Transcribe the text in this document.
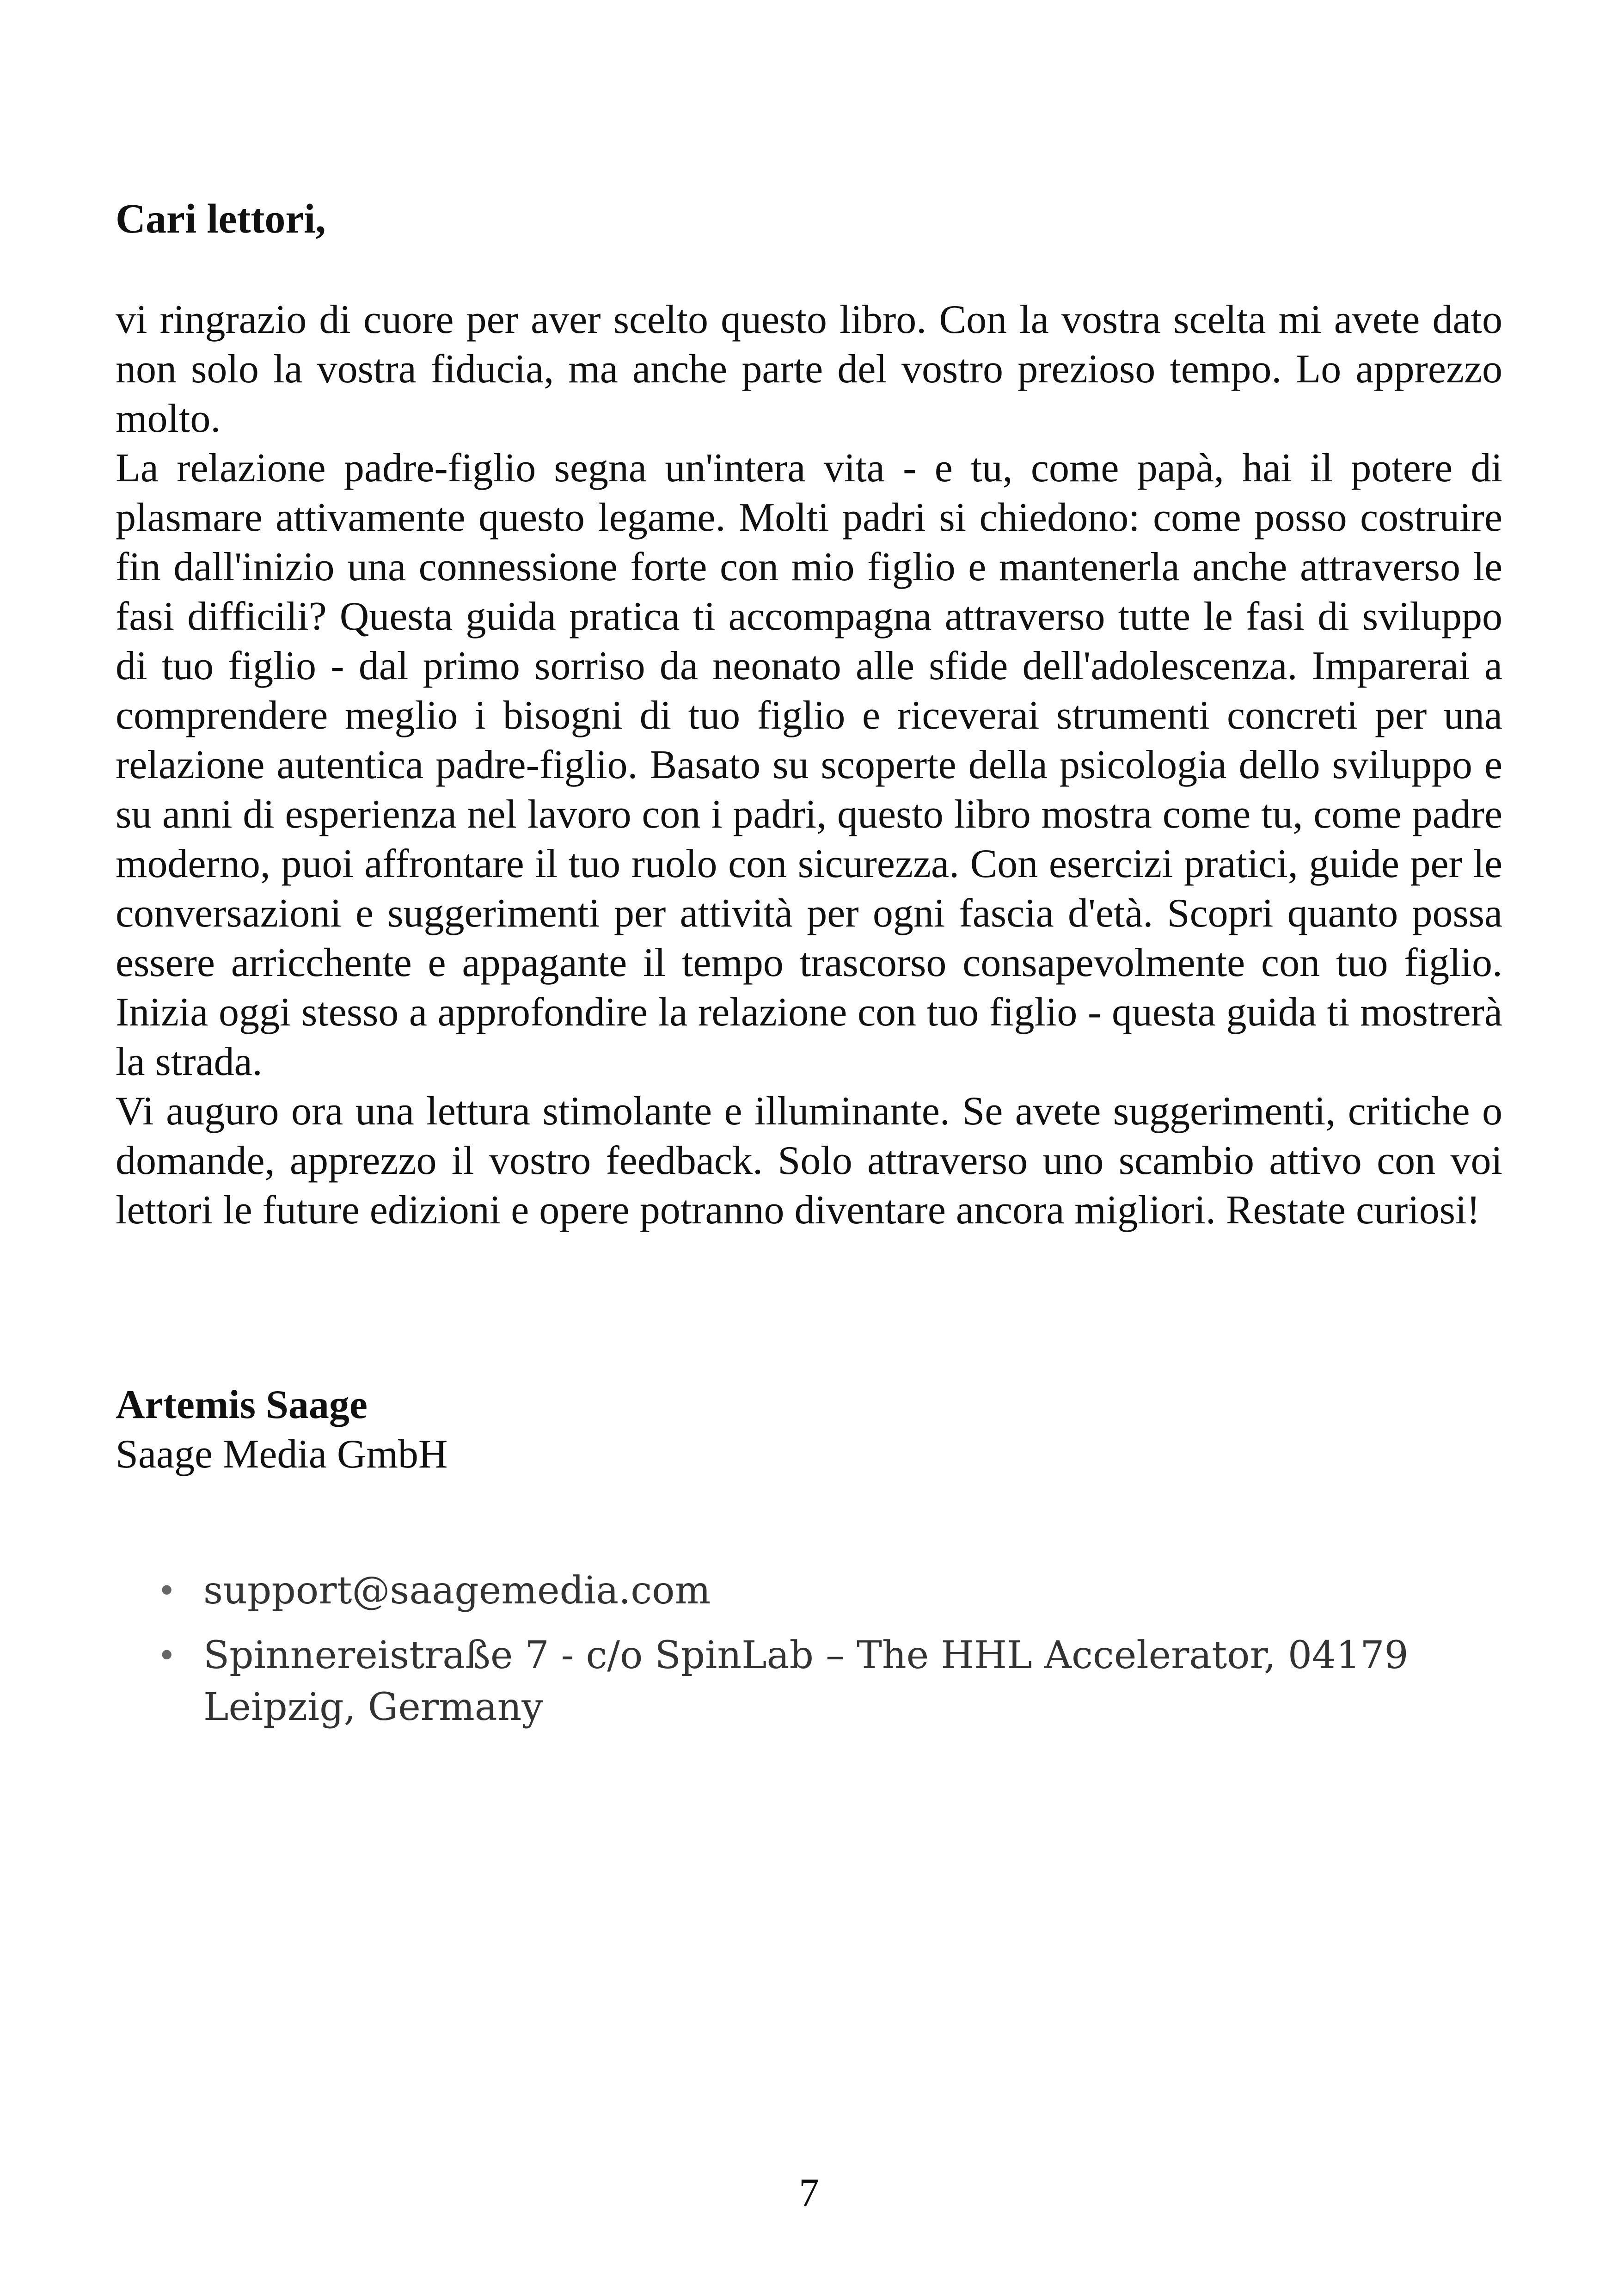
Cari lettori,

vi ringrazio di cuore per aver scelto questo libro. Con la vostra scelta mi avete dato non solo la vostra fiducia, ma anche parte del vostro prezioso tempo. Lo apprezzo molto.

La relazione padre-figlio segna un'intera vita - e tu, come papà, hai il potere di plasmare attivamente questo legame. Molti padri si chiedono: come posso costruire fin dall'inizio una connessione forte con mio figlio e mantenerla anche attraverso le fasi difficili? Questa guida pratica ti accompagna attraverso tutte le fasi di sviluppo di tuo figlio - dal primo sorriso da neonato alle sfide dell'adolescenza. Imparerai a comprendere meglio i bisogni di tuo figlio e riceverai strumenti concreti per una relazione autentica padre-figlio. Basato su scoperte della psicologia dello sviluppo e su anni di esperienza nel lavoro con i padri, questo libro mostra come tu, come padre moderno, puoi affrontare il tuo ruolo con sicurezza. Con esercizi pratici, guide per le conversazioni e suggerimenti per attività per ogni fascia d'età. Scopri quanto possa essere arricchente e appagante il tempo trascorso consapevolmente con tuo figlio. Inizia oggi stesso a approfondire la relazione con tuo figlio - questa guida ti mostrerà la strada.

Vi auguro ora una lettura stimolante e illuminante. Se avete suggerimenti, critiche o domande, apprezzo il vostro feedback. Solo attraverso uno scambio attivo con voi lettori le future edizioni e opere potranno diventare ancora migliori. Restate curiosi!

Artemis Saage
Saage Media GmbH
• support@saagemedia.com
• Spinnereistraße 7 - c/o SpinLab – The HHL Accelerator, 04179 Leipzig, Germany
7
